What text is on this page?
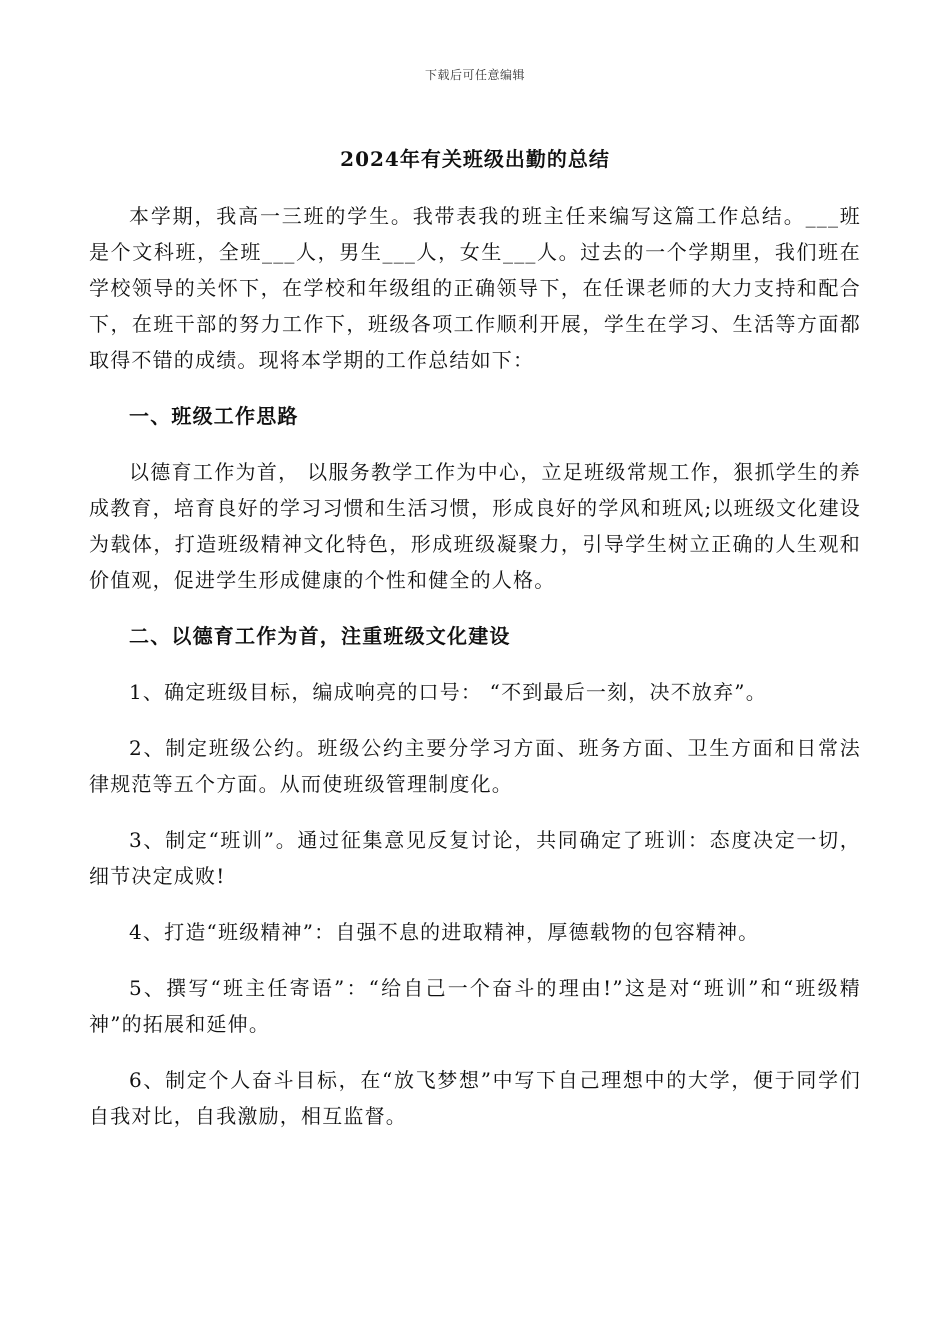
下载后可任意编辑
2024年有关班级出勤的总结

本学期，我高一三班的学生。我带表我的班主任来编写这篇工作总结。___班是个文科班，全班___人，男生___人，女生___人。过去的一个学期里，我们班在学校领导的关怀下，在学校和年级组的正确领导下，在任课老师的大力支持和配合下，在班干部的努力工作下，班级各项工作顺利开展，学生在学习、生活等方面都取得不错的成绩。现将本学期的工作总结如下：

一、班级工作思路

以德育工作为首， 以服务教学工作为中心，立足班级常规工作，狠抓学生的养成教育，培育良好的学习习惯和生活习惯，形成良好的学风和班风;以班级文化建设为载体，打造班级精神文化特色，形成班级凝聚力，引导学生树立正确的人生观和价值观，促进学生形成健康的个性和健全的人格。

二、以德育工作为首，注重班级文化建设

1、确定班级目标，编成响亮的口号： “不到最后一刻，决不放弃”。

2、制定班级公约。班级公约主要分学习方面、班务方面、卫生方面和日常法律规范等五个方面。从而使班级管理制度化。

3、制定“班训”。通过征集意见反复讨论，共同确定了班训：态度决定一切，细节决定成败!

4、打造“班级精神”：自强不息的进取精神，厚德载物的包容精神。

5、撰写“班主任寄语”：“给自己一个奋斗的理由!”这是对“班训”和“班级精神”的拓展和延伸。

6、制定个人奋斗目标，在“放飞梦想”中写下自己理想中的大学，便于同学们自我对比，自我激励，相互监督。
